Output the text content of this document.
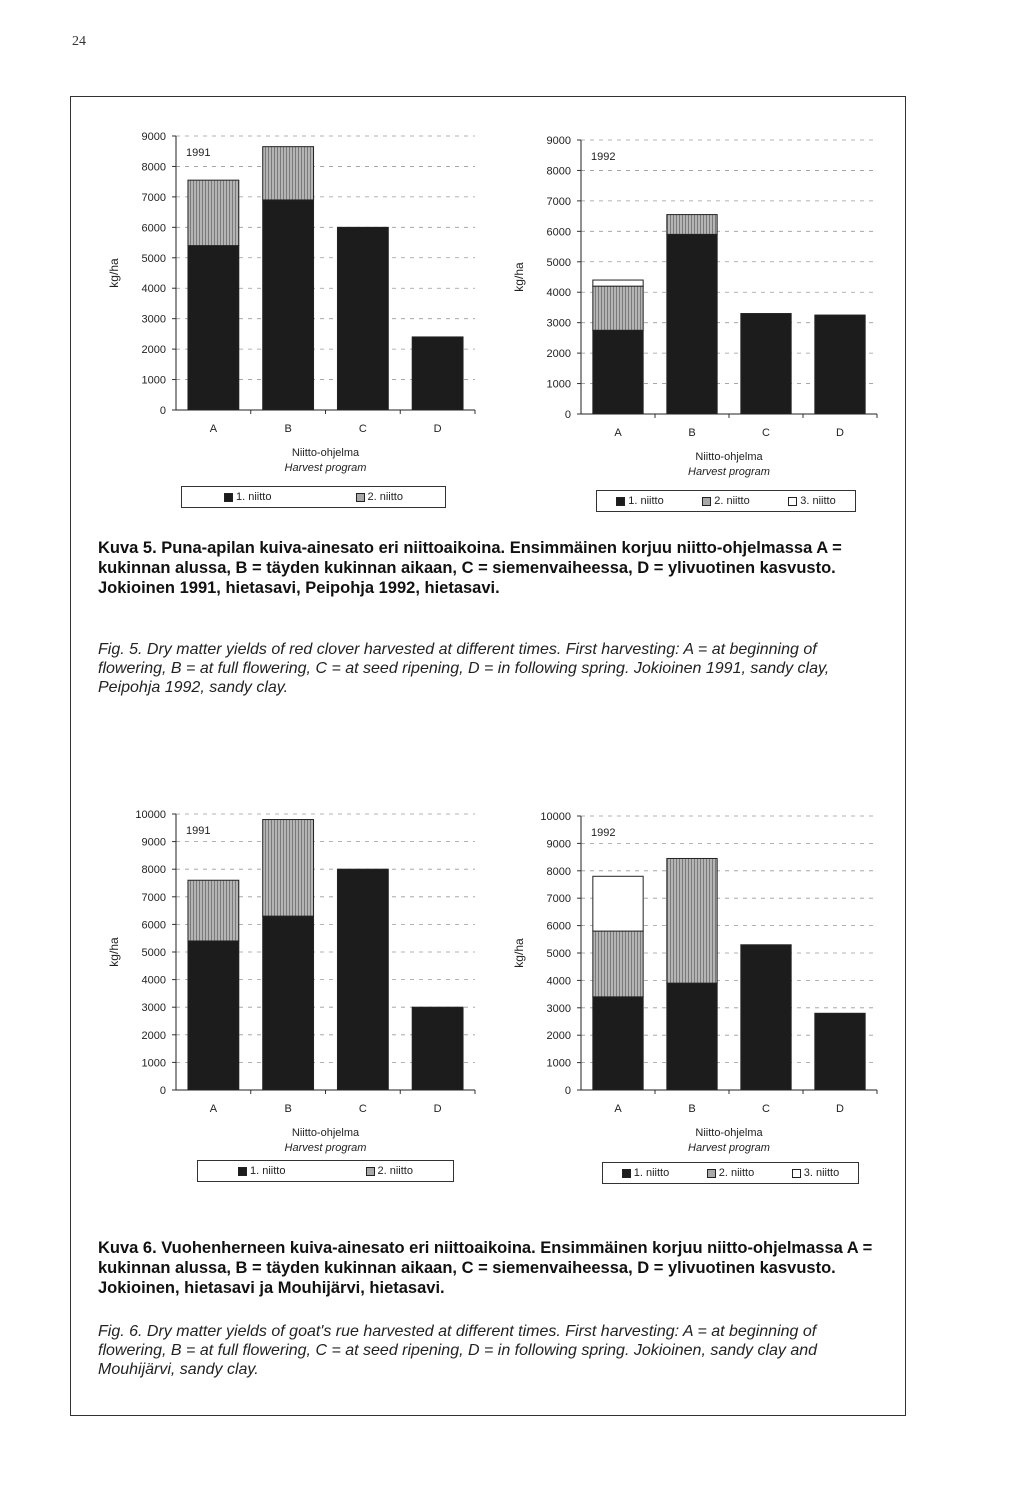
24
0
1000
2000
3000
4000
5000
6000
7000
8000
9000
A	B	C	D
1991
kg/ha
Niitto-ohjelma
Harvest program
0
1000
2000
3000
4000
5000
6000
7000
8000
9000
A	B	C	D
1992
kg/ha
Niitto-ohjelma
Harvest program
1. niitto	2. niitto	1. niitto	2. niitto	3. niitto
Kuva 5. Puna-apilan kuiva-ainesato eri niittoaikoina. Ensimmäinen korjuu niitto-ohjelmassa A = kukinnan alussa, B = täyden kukinnan aikaan, C = siemenvaiheessa, D = ylivuotinen kasvusto. Jokioinen 1991, hietasavi, Peipohja 1992, hietasavi.
Fig. 5. Dry matter yields of red clover harvested at different times. First harvesting: A = at beginning of flowering, B = at full flowering, C = at seed ripening, D = in following spring. Jokioinen 1991, sandy clay, Peipohja 1992, sandy clay.
0
1000
2000
3000
4000
5000
6000
7000
8000
9000
10000
A	B	C	D
1991
kg/ha
Niitto-ohjelma
Harvest program
0
1000
2000
3000
4000
5000
6000
7000
8000
9000
10000
A	B	C	D
1992
kg/ha
Niitto-ohjelma
Harvest program
1. niitto	2. niitto	1. niitto	2. niitto	3. niitto
Kuva 6. Vuohenherneen kuiva-ainesato eri niittoaikoina. Ensimmäinen korjuu niitto-ohjelmassa A = kukinnan alussa, B = täyden kukinnan aikaan, C = siemenvaiheessa, D = ylivuotinen kasvusto. Jokioinen, hietasavi ja Mouhijärvi, hietasavi.
Fig. 6. Dry matter yields of goat's rue harvested at different times. First harvesting: A = at beginning of flowering, B = at full flowering, C = at seed ripening, D = in following spring. Jokioinen, sandy clay and Mouhijärvi, sandy clay.
